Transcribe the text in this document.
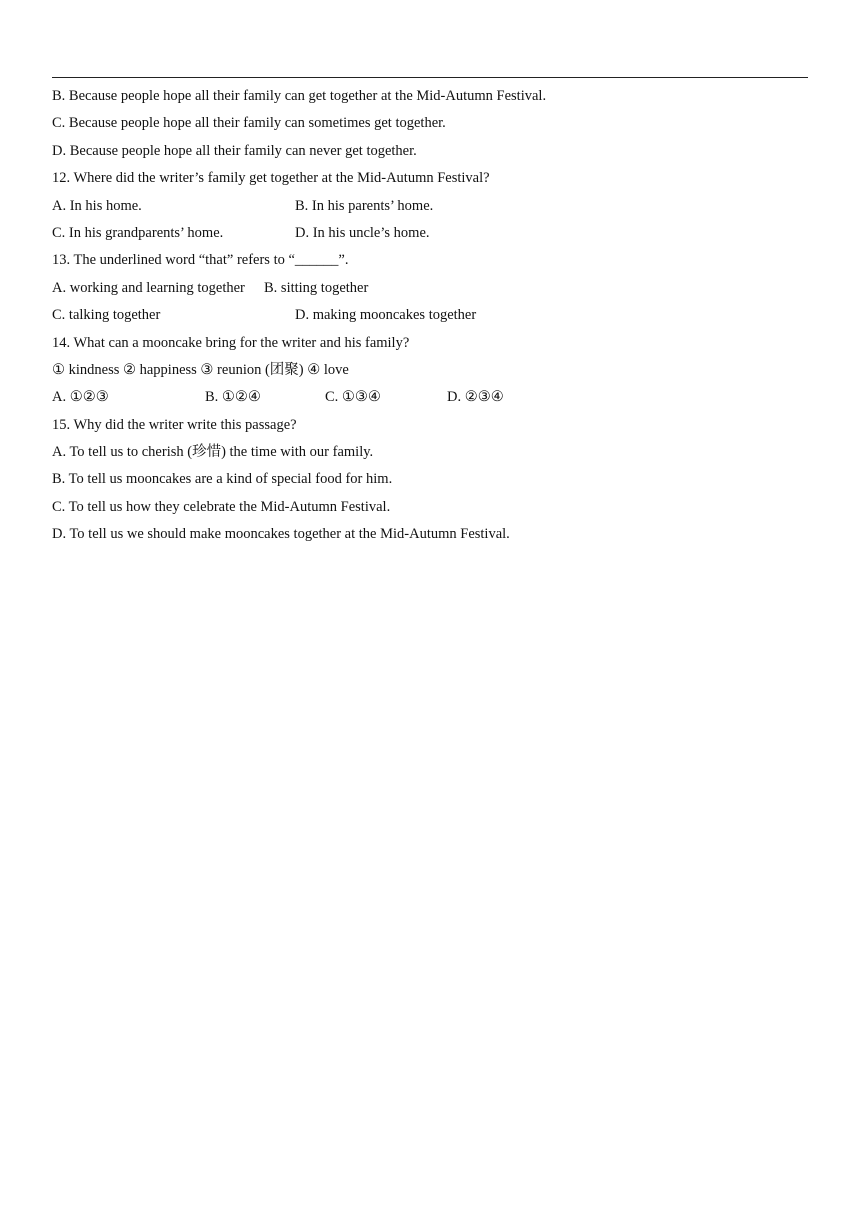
B. Because people hope all their family can get together at the Mid-Autumn Festival.
C. Because people hope all their family can sometimes get together.
D. Because people hope all their family can never get together.
12. Where did the writer’s family get together at the Mid-Autumn Festival?
A. In his home.	B. In his parents’ home.
C. In his grandparents’ home.	D. In his uncle’s home.
13. The underlined word “that” refers to “______”.
A. working and learning together B. sitting together
C. talking together	D. making mooncakes together
14. What can a mooncake bring for the writer and his family?
① kindness ② happiness ③ reunion (团聚) ④ love
A. ①②③	B. ①②④	C. ①③④	D. ②③④
15. Why did the writer write this passage?
A. To tell us to cherish (珍惜) the time with our family.
B. To tell us mooncakes are a kind of special food for him.
C. To tell us how they celebrate the Mid-Autumn Festival.
D. To tell us we should make mooncakes together at the Mid-Autumn Festival.
